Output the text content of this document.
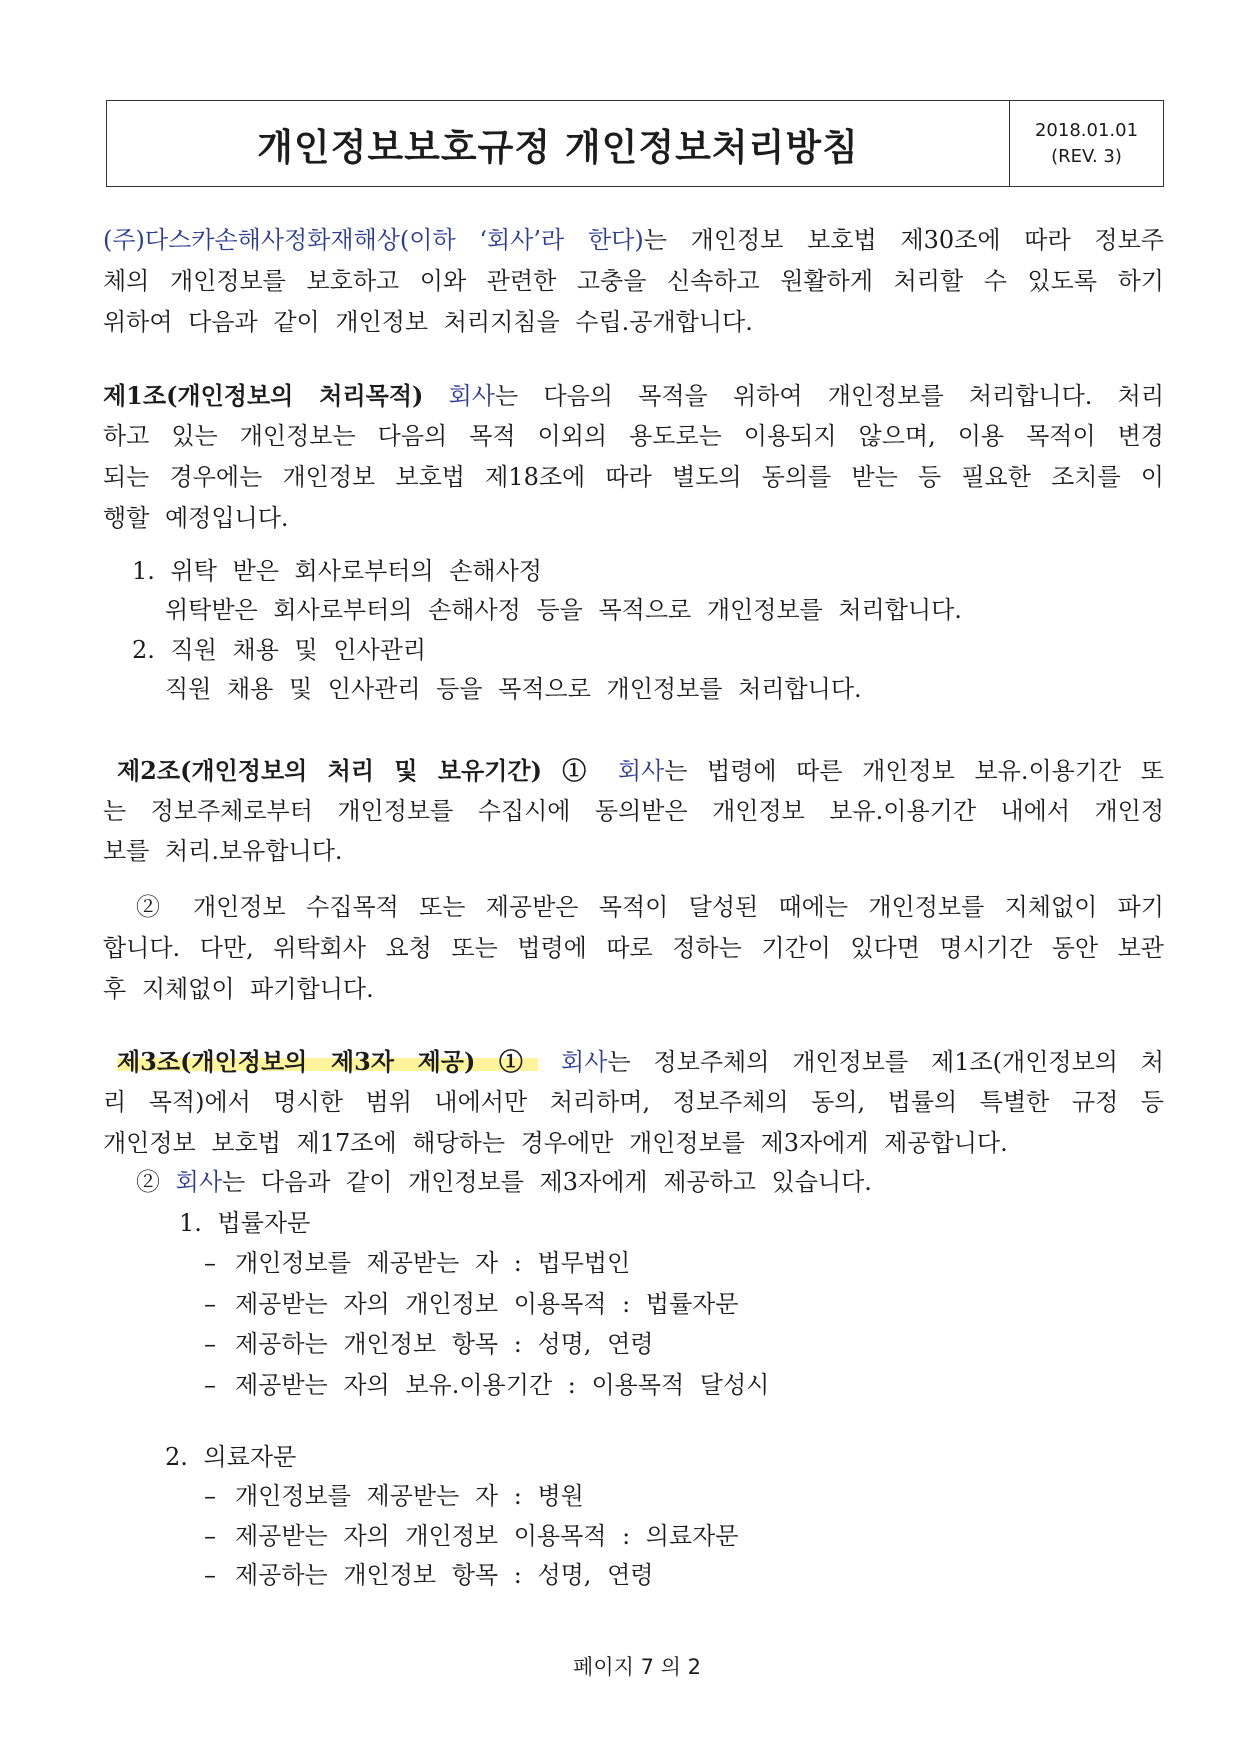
개인정보보호규정 개인정보처리방침	2018.01.01
(REV. 3)
(주)다스카손해사정화재해상(이하 ‘회사’라 한다)는 개인정보 보호법 제30조에 따라 정보주
체의 개인정보를 보호하고 이와 관련한 고충을 신속하고 원활하게 처리할 수 있도록 하기
위하여 다음과 같이 개인정보 처리지침을 수립.공개합니다.
제1조(개인정보의 처리목적) 회사는 다음의 목적을 위하여 개인정보를 처리합니다. 처리
하고 있는 개인정보는 다음의 목적 이외의 용도로는 이용되지 않으며, 이용 목적이 변경
되는 경우에는 개인정보 보호법 제18조에 따라 별도의 동의를 받는 등 필요한 조치를 이
행할 예정입니다.
1. 위탁 받은 회사로부터의 손해사정
위탁받은 회사로부터의 손해사정 등을 목적으로 개인정보를 처리합니다.
2. 직원 채용 및 인사관리
직원 채용 및 인사관리 등을 목적으로 개인정보를 처리합니다.
제2조(개인정보의 처리 및 보유기간) ① 회사는 법령에 따른 개인정보 보유.이용기간 또
는 정보주체로부터 개인정보를 수집시에 동의받은 개인정보 보유.이용기간 내에서 개인정
보를 처리.보유합니다.
② 개인정보 수집목적 또는 제공받은 목적이 달성된 때에는 개인정보를 지체없이 파기
합니다. 다만, 위탁회사 요청 또는 법령에 따로 정하는 기간이 있다면 명시기간 동안 보관
후 지체없이 파기합니다.
제3조(개인정보의 제3자 제공) ① 회사는 정보주체의 개인정보를 제1조(개인정보의 처
리 목적)에서 명시한 범위 내에서만 처리하며, 정보주체의 동의, 법률의 특별한 규정 등
개인정보 보호법 제17조에 해당하는 경우에만 개인정보를 제3자에게 제공합니다.
② 회사는 다음과 같이 개인정보를 제3자에게 제공하고 있습니다.
1. 법률자문
– 개인정보를 제공받는 자 : 법무법인
– 제공받는 자의 개인정보 이용목적 : 법률자문
– 제공하는 개인정보 항목 : 성명, 연령
– 제공받는 자의 보유.이용기간 : 이용목적 달성시
2. 의료자문
– 개인정보를 제공받는 자 : 병원
– 제공받는 자의 개인정보 이용목적 : 의료자문
– 제공하는 개인정보 항목 : 성명, 연령
페이지 7 의 2
